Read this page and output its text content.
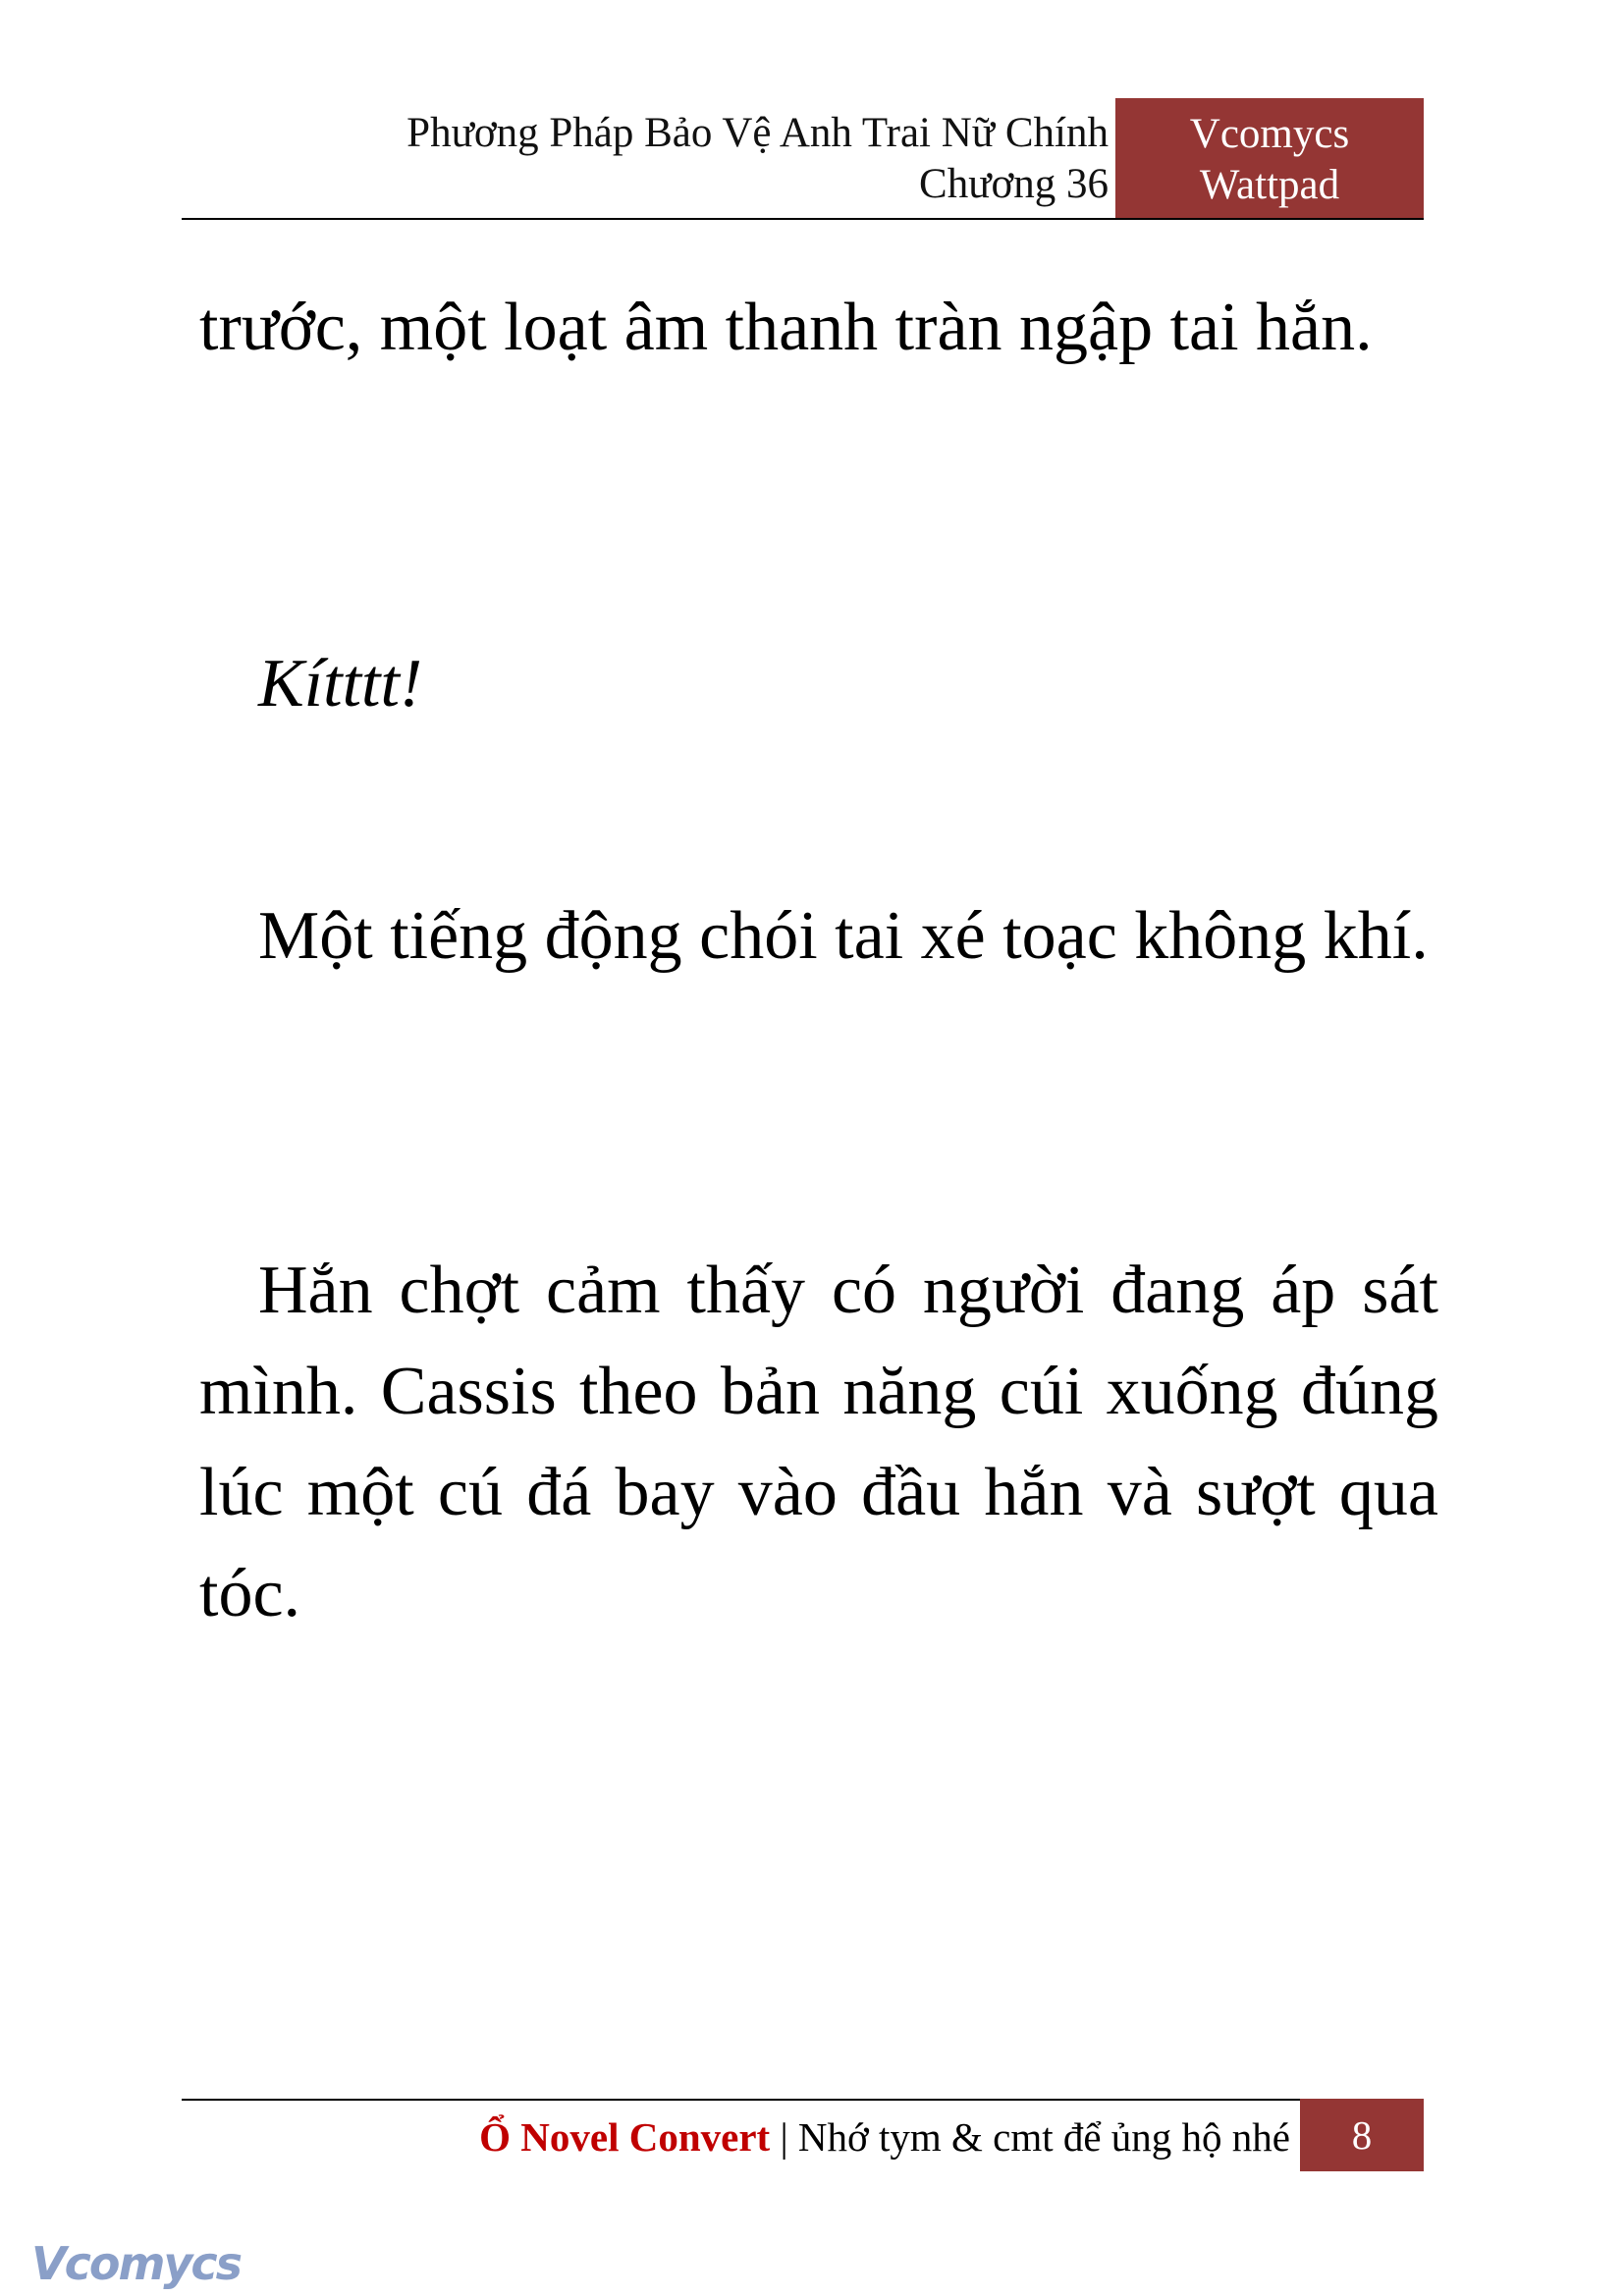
Phương Pháp Bảo Vệ Anh Trai Nữ Chính
Chương 36
Vcomycs
Wattpad

trước, một loạt âm thanh tràn ngập tai hắn.

Kítttt!

Một tiếng động chói tai xé toạc không khí.

Hắn chợt cảm thấy có người đang áp sát mình. Cassis theo bản năng cúi xuống đúng lúc một cú đá bay vào đầu hắn và sượt qua tóc.

Ổ Novel Convert | Nhớ tym & cmt để ủng hộ nhé	8
Vcomycs
